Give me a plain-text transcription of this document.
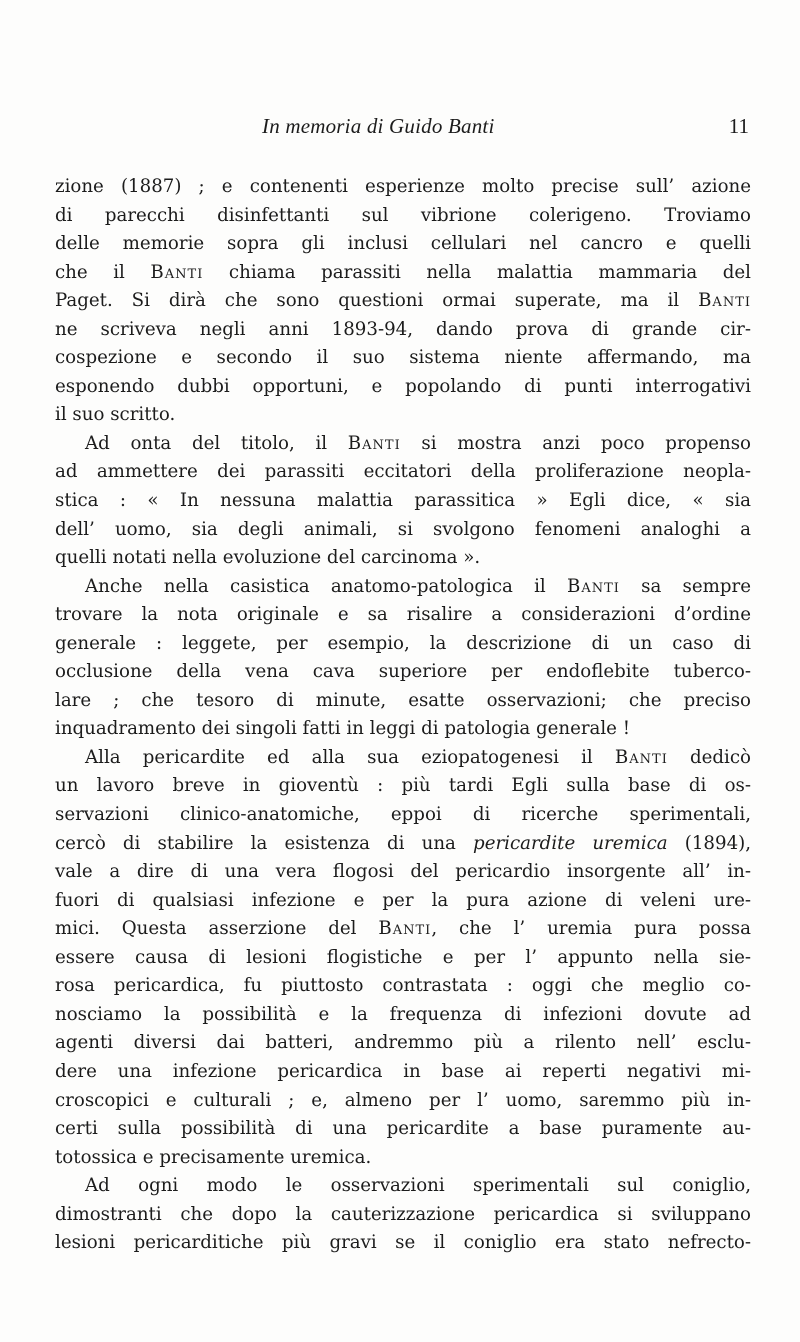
In memoria di Guido Banti	11
zione (1887) ; e contenenti esperienze molto precise sull’ azione
di parecchi disinfettanti sul vibrione colerigeno. Troviamo
delle memorie sopra gli inclusi cellulari nel cancro e quelli
che il Banti chiama parassiti nella malattia mammaria del
Paget. Si dirà che sono questioni ormai superate, ma il Banti
ne scriveva negli anni 1893-94, dando prova di grande cir-
cospezione e secondo il suo sistema niente affermando, ma
esponendo dubbi opportuni, e popolando di punti interrogativi
il suo scritto.
Ad onta del titolo, il Banti si mostra anzi poco propenso
ad ammettere dei parassiti eccitatori della proliferazione neopla-
stica : « In nessuna malattia parassitica » Egli dice, « sia
dell’ uomo, sia degli animali, si svolgono fenomeni analoghi a
quelli notati nella evoluzione del carcinoma ».
Anche nella casistica anatomo-patologica il Banti sa sempre
trovare la nota originale e sa risalire a considerazioni d’ordine
generale : leggete, per esempio, la descrizione di un caso di
occlusione della vena cava superiore per endoflebite tuberco-
lare ; che tesoro di minute, esatte osservazioni; che preciso
inquadramento dei singoli fatti in leggi di patologia generale !
Alla pericardite ed alla sua eziopatogenesi il Banti dedicò
un lavoro breve in gioventù : più tardi Egli sulla base di os-
servazioni clinico-anatomiche, eppoi di ricerche sperimentali,
cercò di stabilire la esistenza di una pericardite uremica (1894),
vale a dire di una vera flogosi del pericardio insorgente all’ in-
fuori di qualsiasi infezione e per la pura azione di veleni ure-
mici. Questa asserzione del Banti, che l’ uremia pura possa
essere causa di lesioni flogistiche e per l’ appunto nella sie-
rosa pericardica, fu piuttosto contrastata : oggi che meglio co-
nosciamo la possibilità e la frequenza di infezioni dovute ad
agenti diversi dai batteri, andremmo più a rilento nell’ esclu-
dere una infezione pericardica in base ai reperti negativi mi-
croscopici e culturali ; e, almeno per l’ uomo, saremmo più in-
certi sulla possibilità di una pericardite a base puramente au-
totossica e precisamente uremica.
Ad ogni modo le osservazioni sperimentali sul coniglio,
dimostranti che dopo la cauterizzazione pericardica si sviluppano
lesioni pericarditiche più gravi se il coniglio era stato nefrecto-
